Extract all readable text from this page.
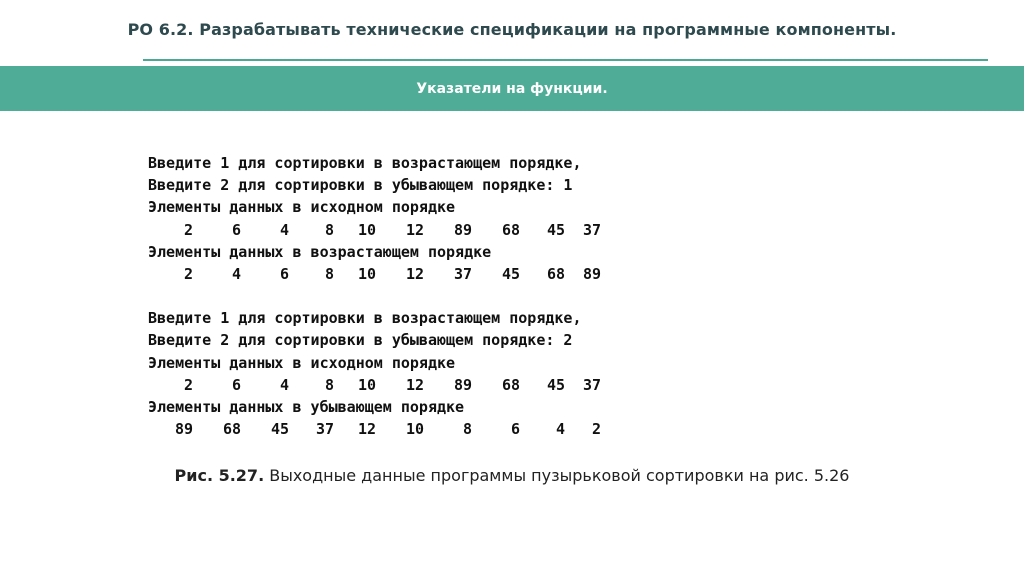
РО 6.2. Разрабатывать технические спецификации на программные компоненты.
Указатели на функции.
Введите 1 для сортировки в возрастающем порядке,
Введите 2 для сортировки в убывающем порядке: 1
Элементы данных в исходном порядке
2	6	4	8	10	12	89	68	45	37
Элементы данных в возрастающем порядке
2	4	6	8	10	12	37	45	68	89
Введите 1 для сортировки в возрастающем порядке,
Введите 2 для сортировки в убывающем порядке: 2
Элементы данных в исходном порядке
2	6	4	8	10	12	89	68	45	37
Элементы данных в убывающем порядке
89	68	45	37	12	10	8	6	4	2
Рис. 5.27. Выходные данные программы пузырьковой сортировки на рис. 5.26
